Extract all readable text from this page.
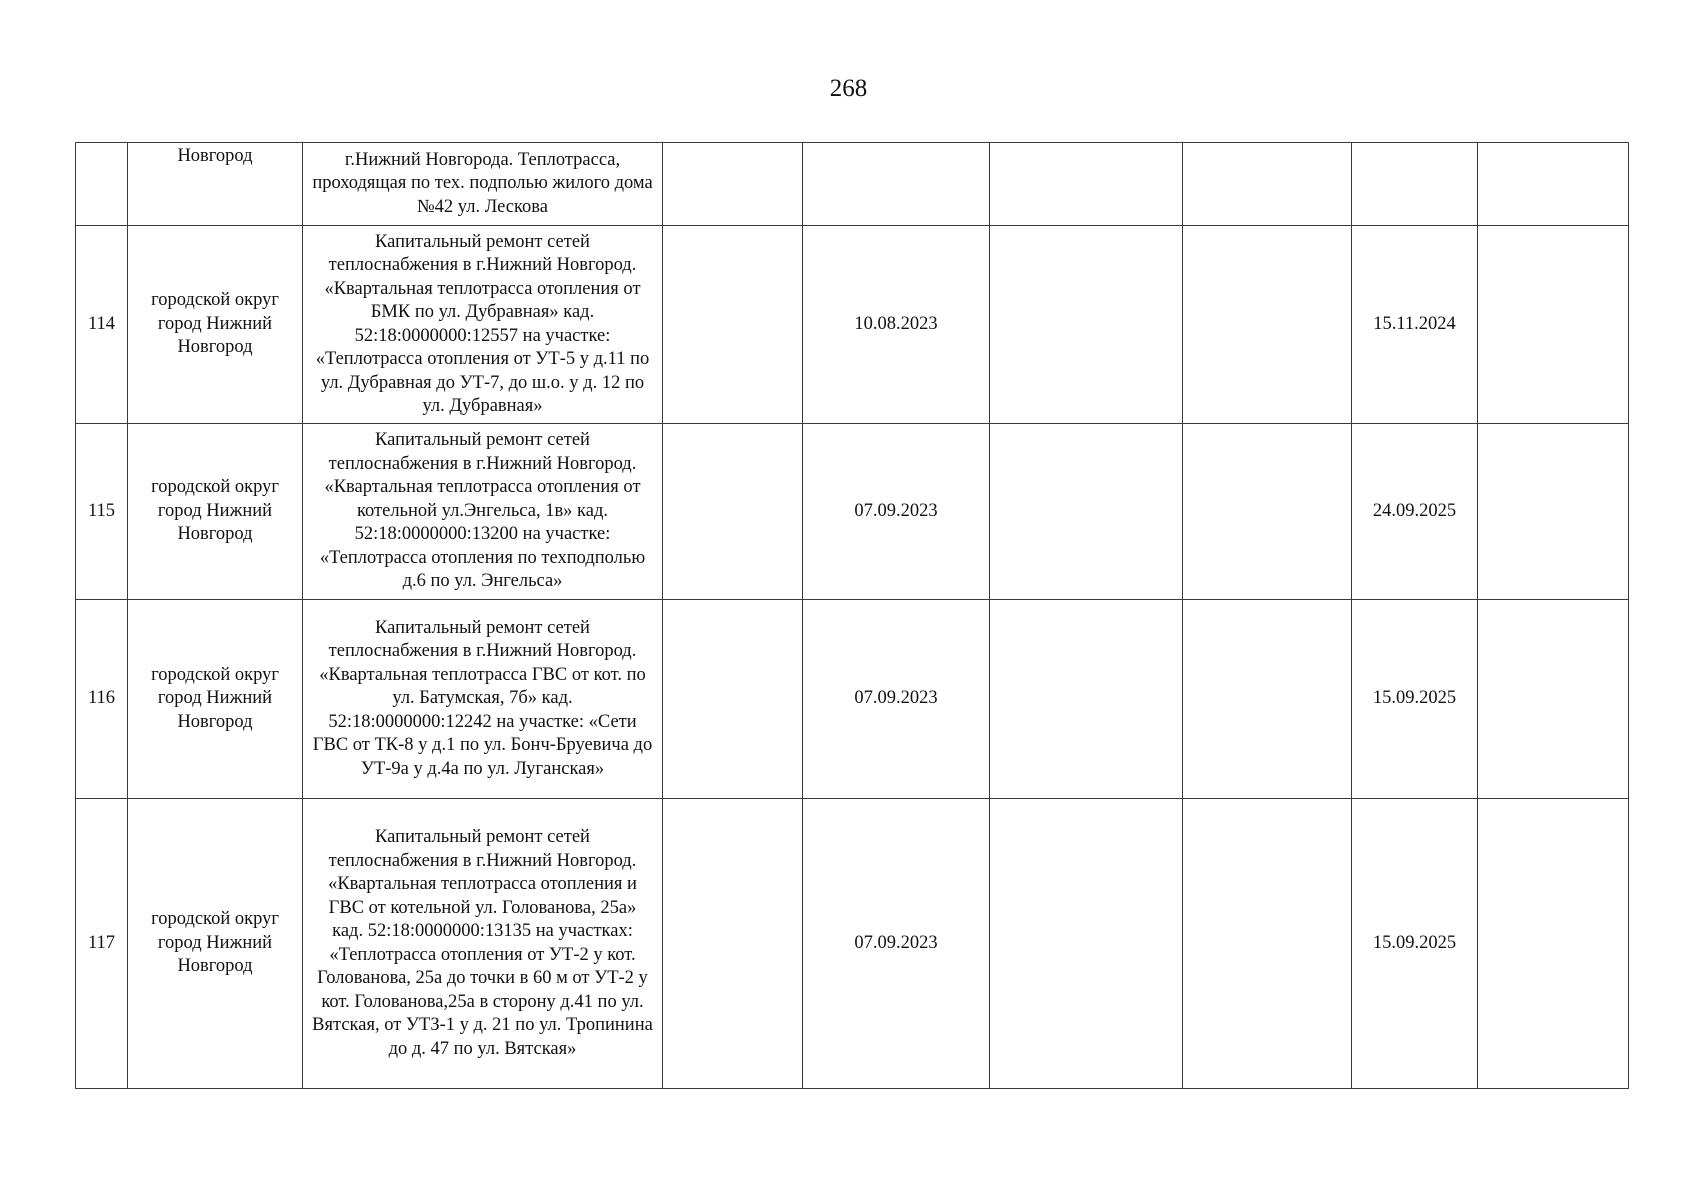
268
	Новгород	г.Нижний Новгорода. Теплотрасса, проходящая по тех. подполью жилого дома №42 ул. Лескова						
114	городской округ город Нижний Новгород	Капитальный ремонт сетей теплоснабжения в г.Нижний Новгород. «Квартальная теплотрасса отопления от БМК по ул. Дубравная» кад. 52:18:0000000:12557 на участке: «Теплотрасса отопления от УТ-5 у д.11 по ул. Дубравная до УТ-7, до ш.о. у д. 12 по ул. Дубравная»		10.08.2023			15.11.2024	
115	городской округ город Нижний Новгород	Капитальный ремонт сетей теплоснабжения в г.Нижний Новгород. «Квартальная теплотрасса отопления от котельной ул.Энгельса, 1в» кад. 52:18:0000000:13200 на участке: «Теплотрасса отопления по техподполью д.6 по ул. Энгельса»		07.09.2023			24.09.2025	
116	городской округ город Нижний Новгород	Капитальный ремонт сетей теплоснабжения в г.Нижний Новгород. «Квартальная теплотрасса ГВС от кот. по ул. Батумская, 7б» кад. 52:18:0000000:12242 на участке: «Сети ГВС от ТК-8 у д.1 по ул. Бонч-Бруевича до УТ-9а у д.4а по ул. Луганская»		07.09.2023			15.09.2025	
117	городской округ город Нижний Новгород	Капитальный ремонт сетей теплоснабжения в г.Нижний Новгород. «Квартальная теплотрасса отопления и ГВС от котельной ул. Голованова, 25а» кад. 52:18:0000000:13135 на участках: «Теплотрасса отопления от УТ-2 у кот. Голованова, 25а до точки в 60 м от УТ-2 у кот. Голованова,25а в сторону д.41 по ул. Вятская, от УТЗ-1 у д. 21 по ул. Тропинина до д. 47 по ул. Вятская»		07.09.2023			15.09.2025	
